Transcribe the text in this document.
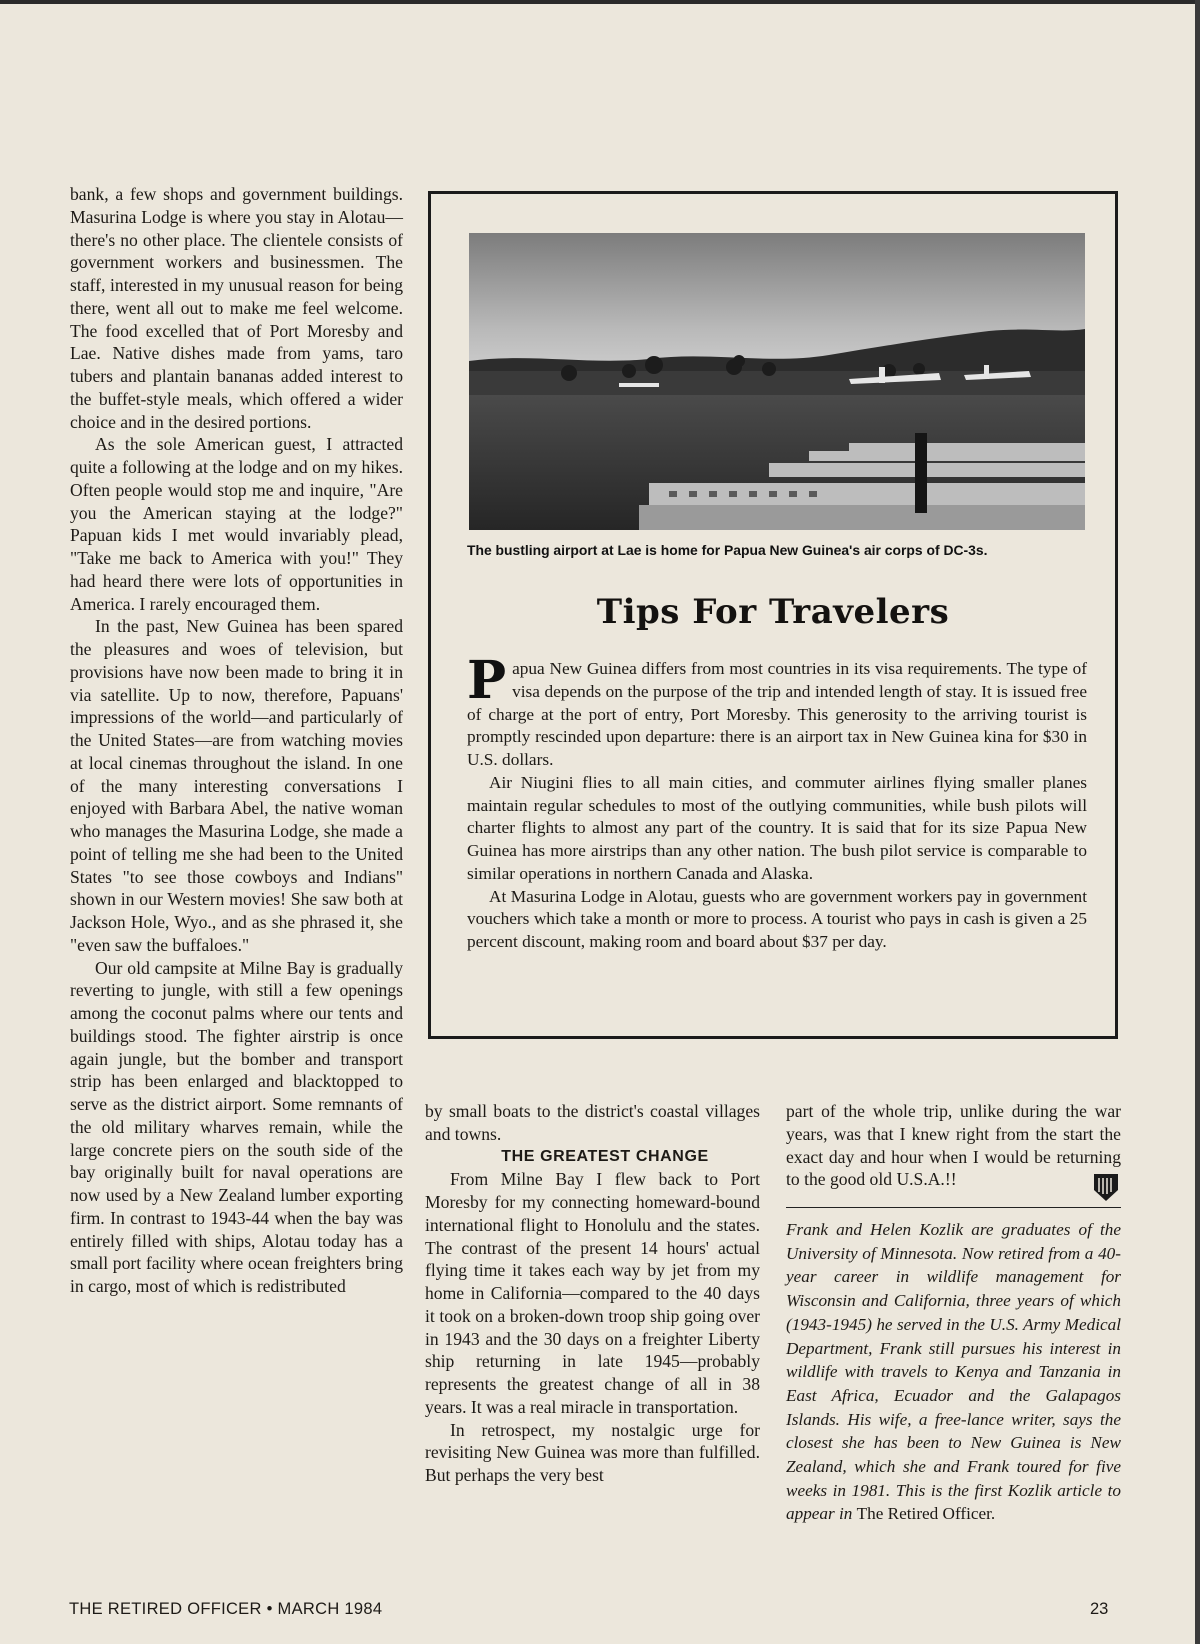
bank, a few shops and government buildings. Masurina Lodge is where you stay in Alotau—there's no other place. The clientele consists of government workers and businessmen. The staff, interested in my unusual reason for being there, went all out to make me feel welcome. The food excelled that of Port Moresby and Lae. Native dishes made from yams, taro tubers and plantain bananas added interest to the buffet-style meals, which offered a wider choice and in the desired portions.

As the sole American guest, I attracted quite a following at the lodge and on my hikes. Often people would stop me and inquire, "Are you the American staying at the lodge?" Papuan kids I met would invariably plead, "Take me back to America with you!" They had heard there were lots of opportunities in America. I rarely encouraged them.

In the past, New Guinea has been spared the pleasures and woes of television, but provisions have now been made to bring it in via satellite. Up to now, therefore, Papuans' impressions of the world—and particularly of the United States—are from watching movies at local cinemas throughout the island. In one of the many interesting conversations I enjoyed with Barbara Abel, the native woman who manages the Masurina Lodge, she made a point of telling me she had been to the United States "to see those cowboys and Indians" shown in our Western movies! She saw both at Jackson Hole, Wyo., and as she phrased it, she "even saw the buffaloes."

Our old campsite at Milne Bay is gradually reverting to jungle, with still a few openings among the coconut palms where our tents and buildings stood. The fighter airstrip is once again jungle, but the bomber and transport strip has been enlarged and blacktopped to serve as the district airport. Some remnants of the old military wharves remain, while the large concrete piers on the south side of the bay originally built for naval operations are now used by a New Zealand lumber exporting firm. In contrast to 1943-44 when the bay was entirely filled with ships, Alotau today has a small port facility where ocean freighters bring in cargo, most of which is redistributed

The bustling airport at Lae is home for Papua New Guinea's air corps of DC-3s.
Tips For Travelers

Papua New Guinea differs from most countries in its visa requirements. The type of visa depends on the purpose of the trip and intended length of stay. It is issued free of charge at the port of entry, Port Moresby. This generosity to the arriving tourist is promptly rescinded upon departure: there is an airport tax in New Guinea kina for $30 in U.S. dollars.

Air Niugini flies to all main cities, and commuter airlines flying smaller planes maintain regular schedules to most of the outlying communities, while bush pilots will charter flights to almost any part of the country. It is said that for its size Papua New Guinea has more airstrips than any other nation. The bush pilot service is comparable to similar operations in northern Canada and Alaska.

At Masurina Lodge in Alotau, guests who are government workers pay in government vouchers which take a month or more to process. A tourist who pays in cash is given a 25 percent discount, making room and board about $37 per day.

by small boats to the district's coastal villages and towns.

THE GREATEST CHANGE

From Milne Bay I flew back to Port Moresby for my connecting homeward-bound international flight to Honolulu and the states. The contrast of the present 14 hours' actual flying time it takes each way by jet from my home in California—compared to the 40 days it took on a broken-down troop ship going over in 1943 and the 30 days on a freighter Liberty ship returning in late 1945—probably represents the greatest change of all in 38 years. It was a real miracle in transportation.

In retrospect, my nostalgic urge for revisiting New Guinea was more than fulfilled. But perhaps the very best

part of the whole trip, unlike during the war years, was that I knew right from the start the exact day and hour when I would be returning to the good old U.S.A.!!

Frank and Helen Kozlik are graduates of the University of Minnesota. Now retired from a 40-year career in wildlife management for Wisconsin and California, three years of which (1943-1945) he served in the U.S. Army Medical Department, Frank still pursues his interest in wildlife with travels to Kenya and Tanzania in East Africa, Ecuador and the Galapagos Islands. His wife, a free-lance writer, says the closest she has been to New Guinea is New Zealand, which she and Frank toured for five weeks in 1981. This is the first Kozlik article to appear in The Retired Officer.

THE RETIRED OFFICER • MARCH 1984	23
